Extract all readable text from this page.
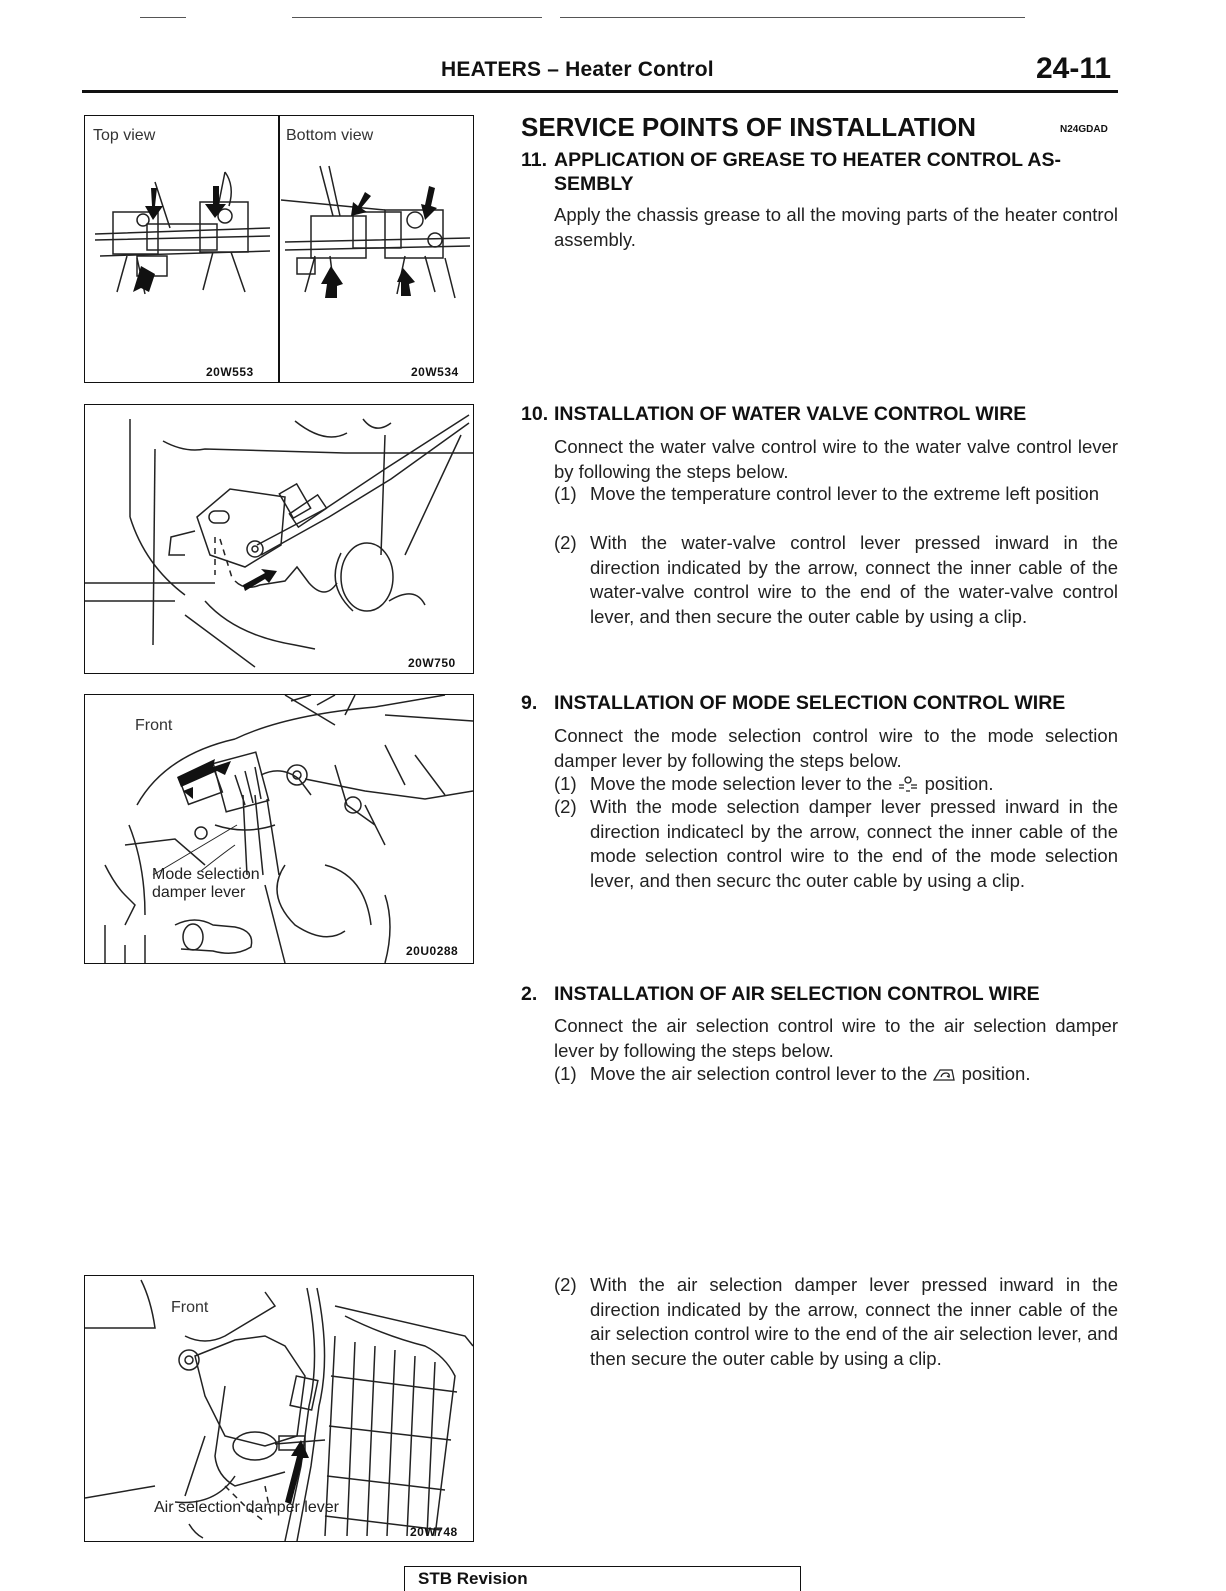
HEATERS – Heater Control	24-11
Top view	Bottom view
20W553	20W534
20W750
Front
Mode selection
damper lever
20U0288
Front
Air selection damper lever
20W748
SERVICE POINTS OF INSTALLATION	N24GDAD
11. APPLICATION OF GREASE TO HEATER CONTROL AS-
SEMBLY
Apply the chassis grease to all the moving parts of the heater control assembly.
10. INSTALLATION OF WATER VALVE CONTROL WIRE
Connect the water valve control wire to the water valve control lever by following the steps below.
(1) Move the temperature control lever to the extreme left position
(2) With the water-valve control lever pressed inward in the direction indicated by the arrow, connect the inner cable of the water-valve control wire to the end of the water-valve control lever, and then secure the outer cable by using a clip.
9. INSTALLATION OF MODE SELECTION CONTROL WIRE
Connect the mode selection control wire to the mode selection damper lever by following the steps below.
(1) Move the mode selection lever to the position.
(2) With the mode selection damper lever pressed inward in the direction indicatecl by the arrow, connect the inner cable of the mode selection control wire to the end of the mode selection lever, and then securc thc outer cable by using a clip.
2. INSTALLATION OF AIR SELECTION CONTROL WIRE
Connect the air selection control wire to the air selection damper lever by following the steps below.
(1) Move the air selection control lever to the position.
(2) With the air selection damper lever pressed inward in the direction indicated by the arrow, connect the inner cable of the air selection control wire to the end of the air selection lever, and then secure the outer cable by using a clip.
STB Revision
